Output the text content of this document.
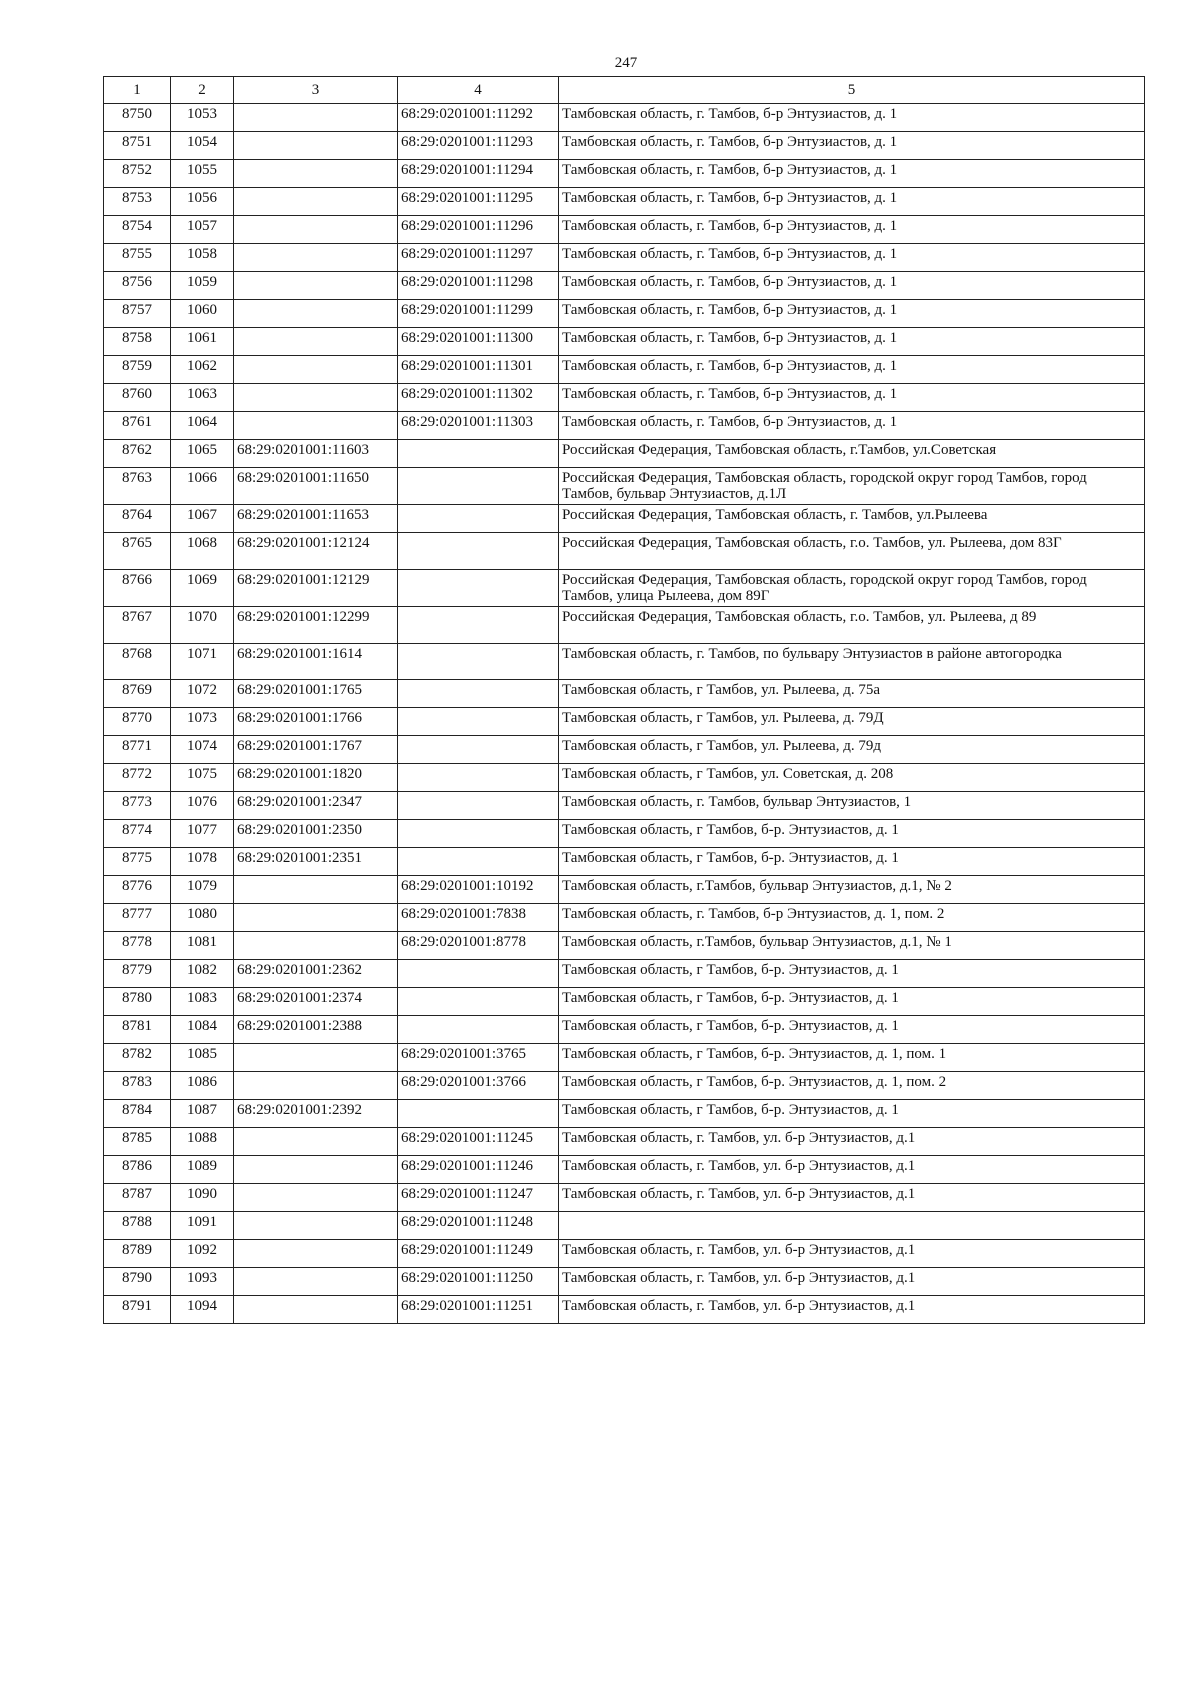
247
1	2	3	4	5
8750	1053		68:29:0201001:11292	Тамбовская область, г. Тамбов, б-р Энтузиастов, д. 1
8751	1054		68:29:0201001:11293	Тамбовская область, г. Тамбов, б-р Энтузиастов, д. 1
8752	1055		68:29:0201001:11294	Тамбовская область, г. Тамбов, б-р Энтузиастов, д. 1
8753	1056		68:29:0201001:11295	Тамбовская область, г. Тамбов, б-р Энтузиастов, д. 1
8754	1057		68:29:0201001:11296	Тамбовская область, г. Тамбов, б-р Энтузиастов, д. 1
8755	1058		68:29:0201001:11297	Тамбовская область, г. Тамбов, б-р Энтузиастов, д. 1
8756	1059		68:29:0201001:11298	Тамбовская область, г. Тамбов, б-р Энтузиастов, д. 1
8757	1060		68:29:0201001:11299	Тамбовская область, г. Тамбов, б-р Энтузиастов, д. 1
8758	1061		68:29:0201001:11300	Тамбовская область, г. Тамбов, б-р Энтузиастов, д. 1
8759	1062		68:29:0201001:11301	Тамбовская область, г. Тамбов, б-р Энтузиастов, д. 1
8760	1063		68:29:0201001:11302	Тамбовская область, г. Тамбов, б-р Энтузиастов, д. 1
8761	1064		68:29:0201001:11303	Тамбовская область, г. Тамбов, б-р Энтузиастов, д. 1
8762	1065	68:29:0201001:11603		Российская Федерация, Тамбовская область, г.Тамбов, ул.Советская
8763	1066	68:29:0201001:11650		Российская Федерация, Тамбовская область, городской округ город Тамбов, город Тамбов, бульвар Энтузиастов, д.1Л
8764	1067	68:29:0201001:11653		Российская Федерация, Тамбовская область, г. Тамбов, ул.Рылеева
8765	1068	68:29:0201001:12124		Российская Федерация, Тамбовская область, г.о. Тамбов, ул. Рылеева, дом 83Г
8766	1069	68:29:0201001:12129		Российская Федерация, Тамбовская область, городской округ город Тамбов, город Тамбов, улица Рылеева, дом 89Г
8767	1070	68:29:0201001:12299		Российская Федерация, Тамбовская область, г.о. Тамбов, ул. Рылеева, д 89
8768	1071	68:29:0201001:1614		Тамбовская область, г. Тамбов, по бульвару Энтузиастов в районе автогородка
8769	1072	68:29:0201001:1765		Тамбовская область, г Тамбов, ул. Рылеева, д. 75а
8770	1073	68:29:0201001:1766		Тамбовская область, г Тамбов, ул. Рылеева, д. 79Д
8771	1074	68:29:0201001:1767		Тамбовская область, г Тамбов, ул. Рылеева, д. 79д
8772	1075	68:29:0201001:1820		Тамбовская область, г Тамбов, ул. Советская, д. 208
8773	1076	68:29:0201001:2347		Тамбовская область, г. Тамбов, бульвар Энтузиастов, 1
8774	1077	68:29:0201001:2350		Тамбовская область, г Тамбов, б-р. Энтузиастов, д. 1
8775	1078	68:29:0201001:2351		Тамбовская область, г Тамбов, б-р. Энтузиастов, д. 1
8776	1079		68:29:0201001:10192	Тамбовская область, г.Тамбов, бульвар Энтузиастов, д.1, № 2
8777	1080		68:29:0201001:7838	Тамбовская область, г. Тамбов, б-р Энтузиастов, д. 1, пом. 2
8778	1081		68:29:0201001:8778	Тамбовская область, г.Тамбов, бульвар Энтузиастов, д.1, № 1
8779	1082	68:29:0201001:2362		Тамбовская область, г Тамбов, б-р. Энтузиастов, д. 1
8780	1083	68:29:0201001:2374		Тамбовская область, г Тамбов, б-р. Энтузиастов, д. 1
8781	1084	68:29:0201001:2388		Тамбовская область, г Тамбов, б-р. Энтузиастов, д. 1
8782	1085		68:29:0201001:3765	Тамбовская область, г Тамбов, б-р. Энтузиастов, д. 1, пом. 1
8783	1086		68:29:0201001:3766	Тамбовская область, г Тамбов, б-р. Энтузиастов, д. 1, пом. 2
8784	1087	68:29:0201001:2392		Тамбовская область, г Тамбов, б-р. Энтузиастов, д. 1
8785	1088		68:29:0201001:11245	Тамбовская область, г. Тамбов, ул. б-р Энтузиастов, д.1
8786	1089		68:29:0201001:11246	Тамбовская область, г. Тамбов, ул. б-р Энтузиастов, д.1
8787	1090		68:29:0201001:11247	Тамбовская область, г. Тамбов, ул. б-р Энтузиастов, д.1
8788	1091		68:29:0201001:11248	
8789	1092		68:29:0201001:11249	Тамбовская область, г. Тамбов, ул. б-р Энтузиастов, д.1
8790	1093		68:29:0201001:11250	Тамбовская область, г. Тамбов, ул. б-р Энтузиастов, д.1
8791	1094		68:29:0201001:11251	Тамбовская область, г. Тамбов, ул. б-р Энтузиастов, д.1
